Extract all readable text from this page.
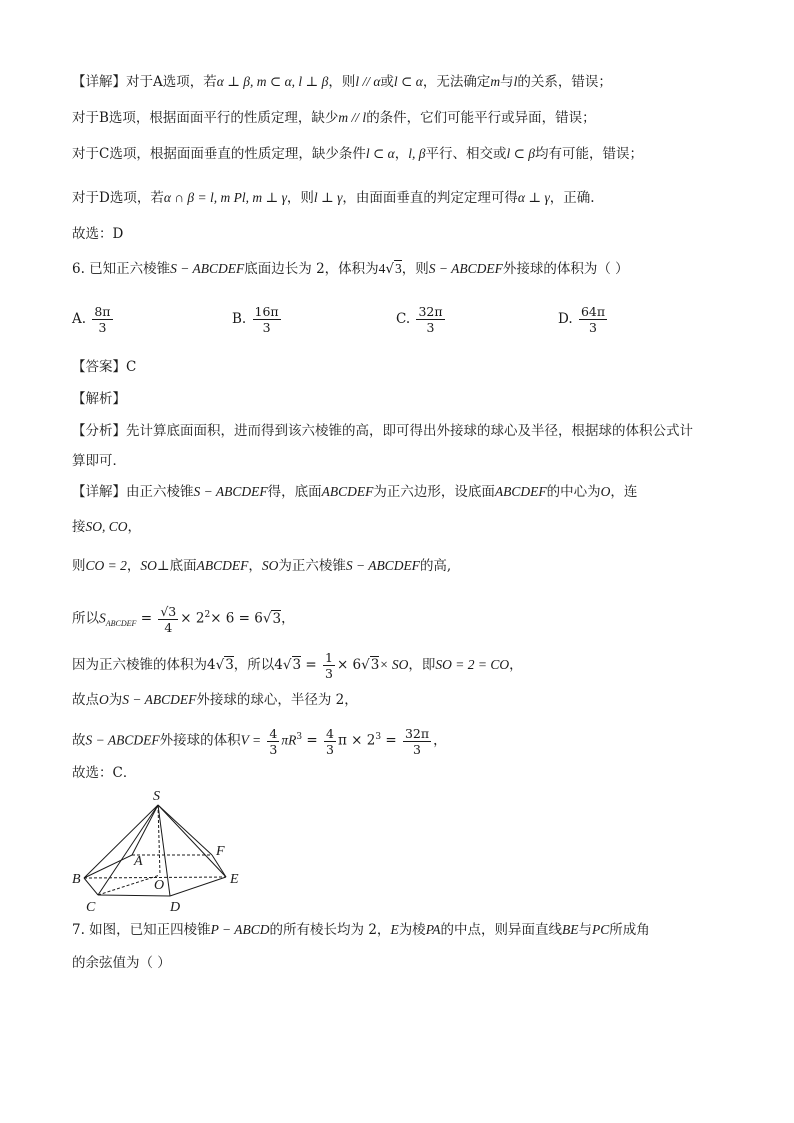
【详解】对于A选项，若α ⊥ β, m ⊂ α, l ⊥ β，则l // α或l ⊂ α，无法确定m与l的关系，错误；
对于B选项，根据面面平行的性质定理，缺少m // l的条件，它们可能平行或异面，错误；
对于C选项，根据面面垂直的性质定理，缺少条件l ⊂ α，l, β平行、相交或l ⊂ β均有可能，错误；
对于D选项，若α ∩ β = l, m Pl, m ⊥ γ，则l ⊥ γ，由面面垂直的判定定理可得α ⊥ γ，正确.
故选：D
6. 已知正六棱锥S − ABCDEF底面边长为 2，体积为4√3，则S − ABCDEF外接球的体积为（ ）
A. $\frac{8\pi}{3}$	B. $\frac{16\pi}{3}$	C. $\frac{32\pi}{3}$	D. $\frac{64\pi}{3}$
【答案】C
【解析】
【分析】先计算底面面积，进而得到该六棱锥的高，即可得出外接球的球心及半径，根据球的体积公式计
算即可．
【详解】由正六棱锥S − ABCDEF得，底面ABCDEF为正六边形，设底面ABCDEF的中心为O，连
接SO, CO，
则CO = 2，SO⊥底面ABCDEF，SO为正六棱锥S − ABCDEF的高,
所以$S_{ABCDEF} = \frac{√3}{4} \times 2^2\times 6 = 6√3$，
因为正六棱锥的体积为4√3，所以$4√3 = \frac{1}{3} \times 6√3\times$ SO，即SO = 2 = CO，
故点O为S − ABCDEF外接球的球心，半径为 2，
故S − ABCDEF外接球的体积$V = \frac{4}{3} \pi R^3 = \frac{4}{3}$ $\pi \times 2^3 = \frac{32\pi}{3}$ ，
故选：C．
S
A
B
C	D
E
F
O
7. 如图，已知正四棱锥P − ABCD的所有棱长均为 2，E为棱PA的中点，则异面直线BE与PC所成角
的余弦值为（ ）
